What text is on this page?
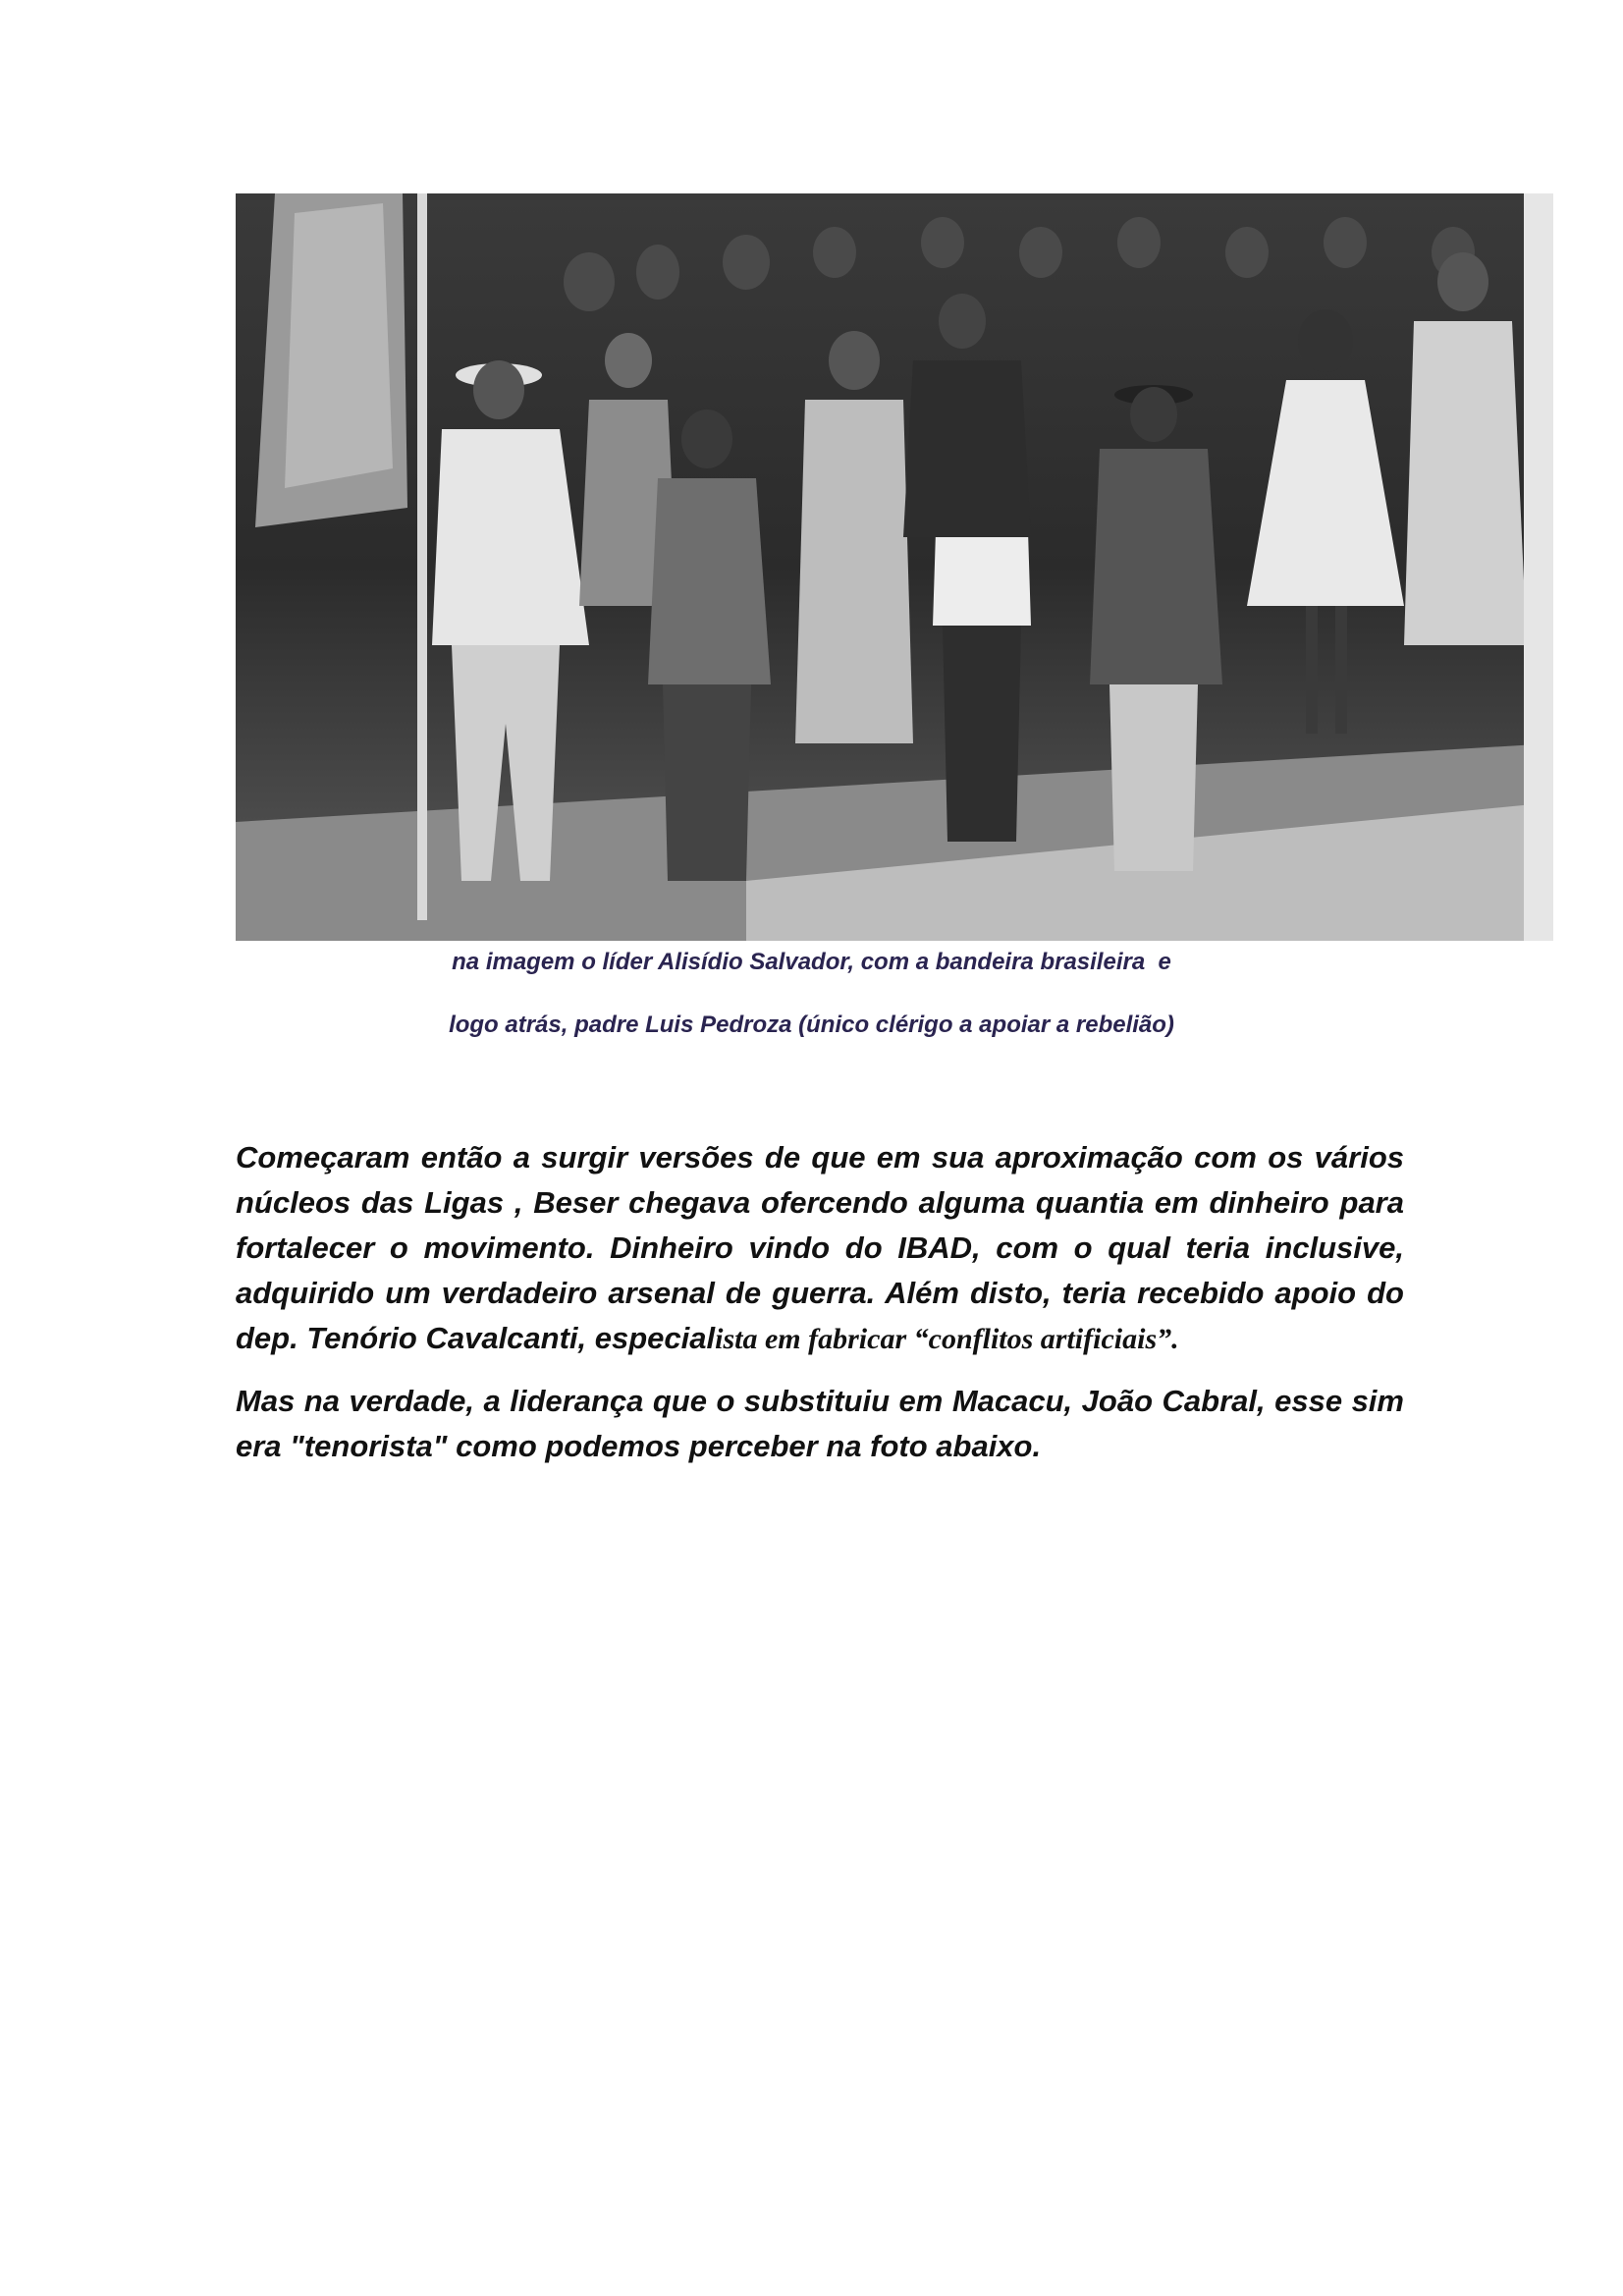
na imagem o líder Alisídio Salvador, com a bandeira brasileira  e
logo atrás, padre Luis Pedroza (único clérigo a apoiar a rebelião)
Começaram então a surgir versões de que em sua aproximação com os vários núcleos das Ligas , Beser chegava ofercendo alguma quantia em dinheiro para fortalecer o movimento. Dinheiro vindo do IBAD, com o qual teria inclusive, adquirido um verdadeiro arsenal de guerra. Além disto, teria recebido apoio do dep. Tenório Cavalcanti, especialista em fabricar “conflitos artificiais”.
Mas na verdade, a liderança que o substituiu em Macacu, João Cabral, esse sim era "tenorista" como podemos perceber na foto abaixo.
